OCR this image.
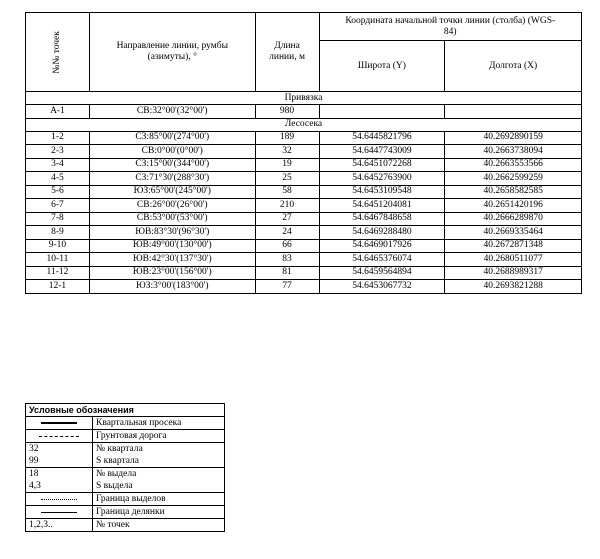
№№ точек	Направление линии, румбы (азимуты), °	Длина линии, м	Координата начальной точки линии (столба) (WGS-84)	
			Широта (Y)	Долгота (X)
Привязка				
А-1	СВ:32°00'(32°00')	980		
Лесосека				
1-2	СЗ:85°00'(274°00')	189	54.6445821796	40.2692890159
2-3	СВ:0°00'(0°00')	32	54.6447743009	40.2663738094
3-4	СЗ:15°00'(344°00')	19	54.6451072268	40.2663553566
4-5	СЗ:71°30'(288°30')	25	54.6452763900	40.2662599259
5-6	ЮЗ:65°00'(245°00')	58	54.6453109548	40.2658582585
6-7	СВ:26°00'(26°00')	210	54.6451204081	40.2651420196
7-8	СВ:53°00'(53°00')	27	54.6467848658	40.2666289870
8-9	ЮВ:83°30'(96°30')	24	54.6469288480	40.2669335464
9-10	ЮВ:49°00'(130°00')	66	54.6469017926	40.2672871348
10-11	ЮВ:42°30'(137°30')	83	54.6465376074	40.2680511077
11-12	ЮВ:23°00'(156°00')	81	54.6459564894	40.2688989317
12-1	ЮЗ:3°00'(183°00')	77	54.6453067732	40.2693821288
Условные обозначения	

	Квартальная просека

	Грунтовая дорога
32	№ квартала
99	S квартала
18	№ выдела
4,3	S выдела

	Граница выделов

	Граница делянки
1,2,3..	№ точек
